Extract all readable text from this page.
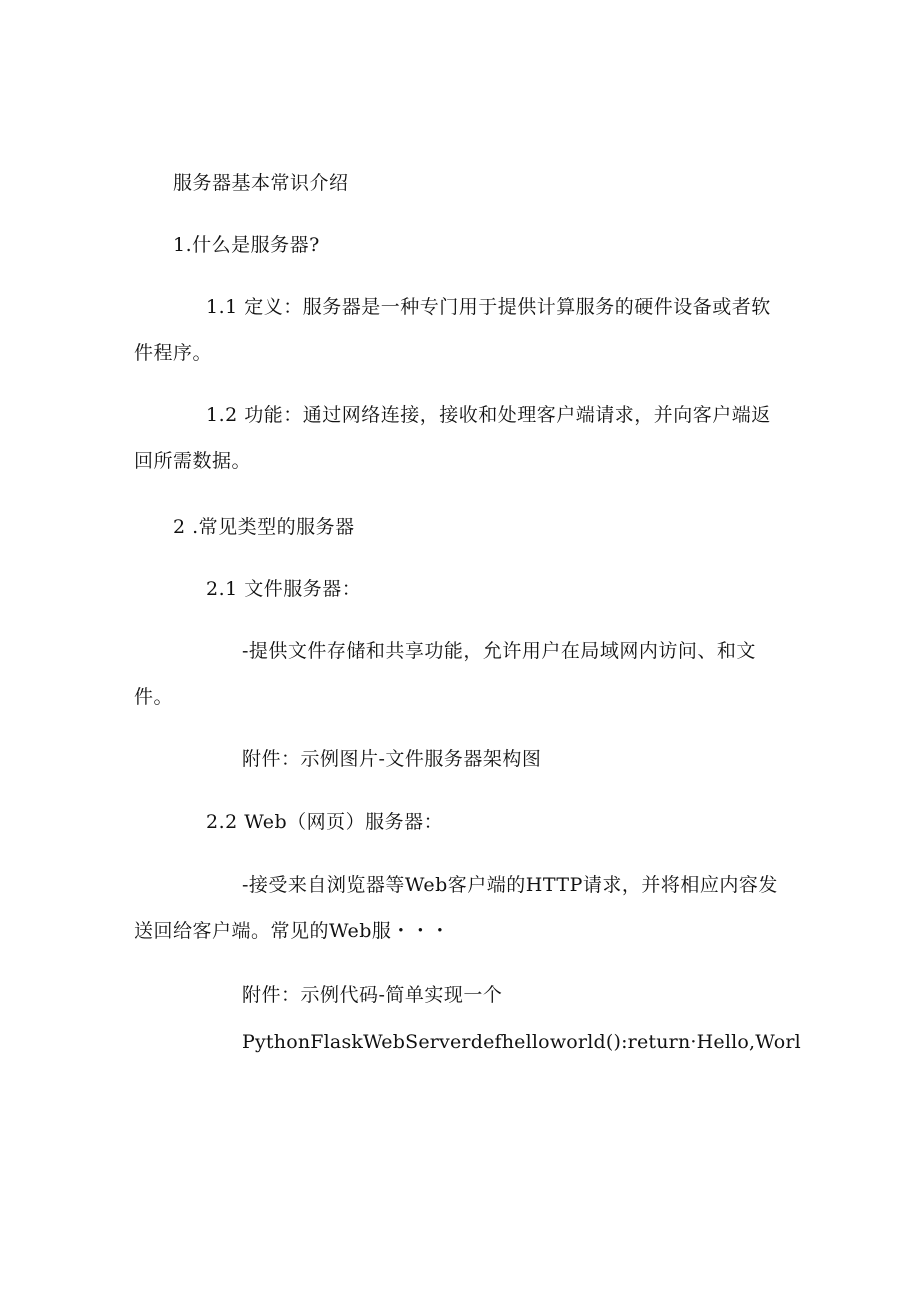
服务器基本常识介绍

1.什么是服务器?

1.1 定义：服务器是一种专门用于提供计算服务的硬件设备或者软件程序。

1.2 功能：通过网络连接，接收和处理客户端请求，并向客户端返回所需数据。

2 .常见类型的服务器

2.1 文件服务器：

-提供文件存储和共享功能，允许用户在局域网内访问、和文件。

附件：示例图片-文件服务器架构图

2.2 Web（网页）服务器：

-接受来自浏览器等Web客户端的HTTP请求，并将相应内容发送回给客户端。常见的Web服・・・

附件：示例代码-简单实现一个

PythonFlaskWebServerdefhelloworld():return·Hello,Worl
